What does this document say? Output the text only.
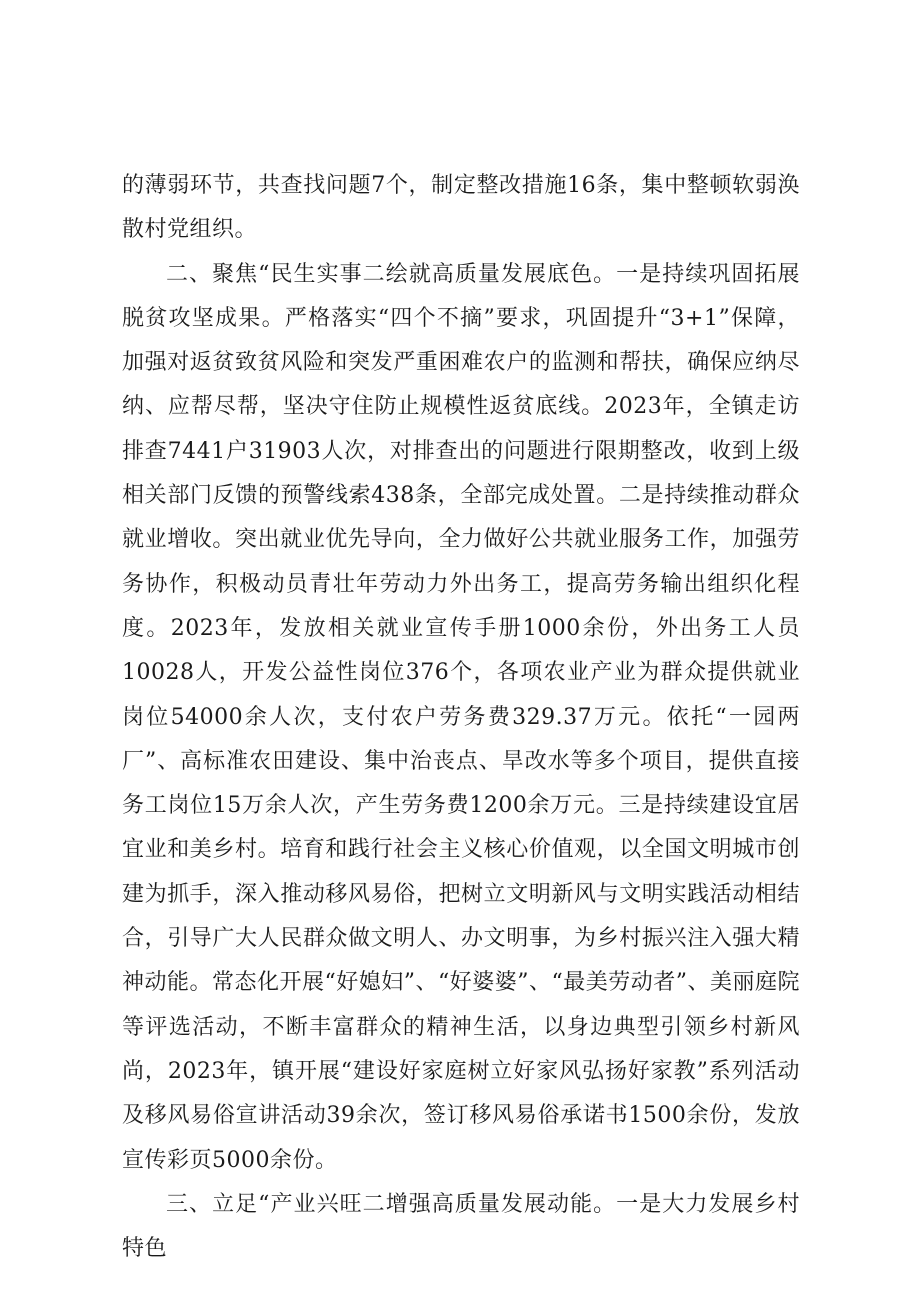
的薄弱环节，共查找问题7个，制定整改措施16条，集中整顿软弱涣散村党组织。

二、聚焦“民生实事二绘就高质量发展底色。一是持续巩固拓展脱贫攻坚成果。严格落实“四个不摘”要求，巩固提升“3+1”保障，加强对返贫致贫风险和突发严重困难农户的监测和帮扶，确保应纳尽纳、应帮尽帮，坚决守住防止规模性返贫底线。2023年，全镇走访排查7441户31903人次，对排查出的问题进行限期整改，收到上级相关部门反馈的预警线索438条，全部完成处置。二是持续推动群众就业增收。突出就业优先导向，全力做好公共就业服务工作，加强劳务协作，积极动员青壮年劳动力外出务工，提高劳务输出组织化程度。2023年，发放相关就业宣传手册1000余份，外出务工人员10028人，开发公益性岗位376个，各项农业产业为群众提供就业岗位54000余人次，支付农户劳务费329.37万元。依托“一园两厂”、高标准农田建设、集中治丧点、旱改水等多个项目，提供直接务工岗位15万余人次，产生劳务费1200余万元。三是持续建设宜居宜业和美乡村。培育和践行社会主义核心价值观，以全国文明城市创建为抓手，深入推动移风易俗，把树立文明新风与文明实践活动相结合，引导广大人民群众做文明人、办文明事，为乡村振兴注入强大精神动能。常态化开展“好媳妇”、“好婆婆”、“最美劳动者”、美丽庭院等评选活动，不断丰富群众的精神生活，以身边典型引领乡村新风尚，2023年，镇开展“建设好家庭树立好家风弘扬好家教”系列活动及移风易俗宣讲活动39余次，签订移风易俗承诺书1500余份，发放宣传彩页5000余份。

三、立足“产业兴旺二增强高质量发展动能。一是大力发展乡村特色
